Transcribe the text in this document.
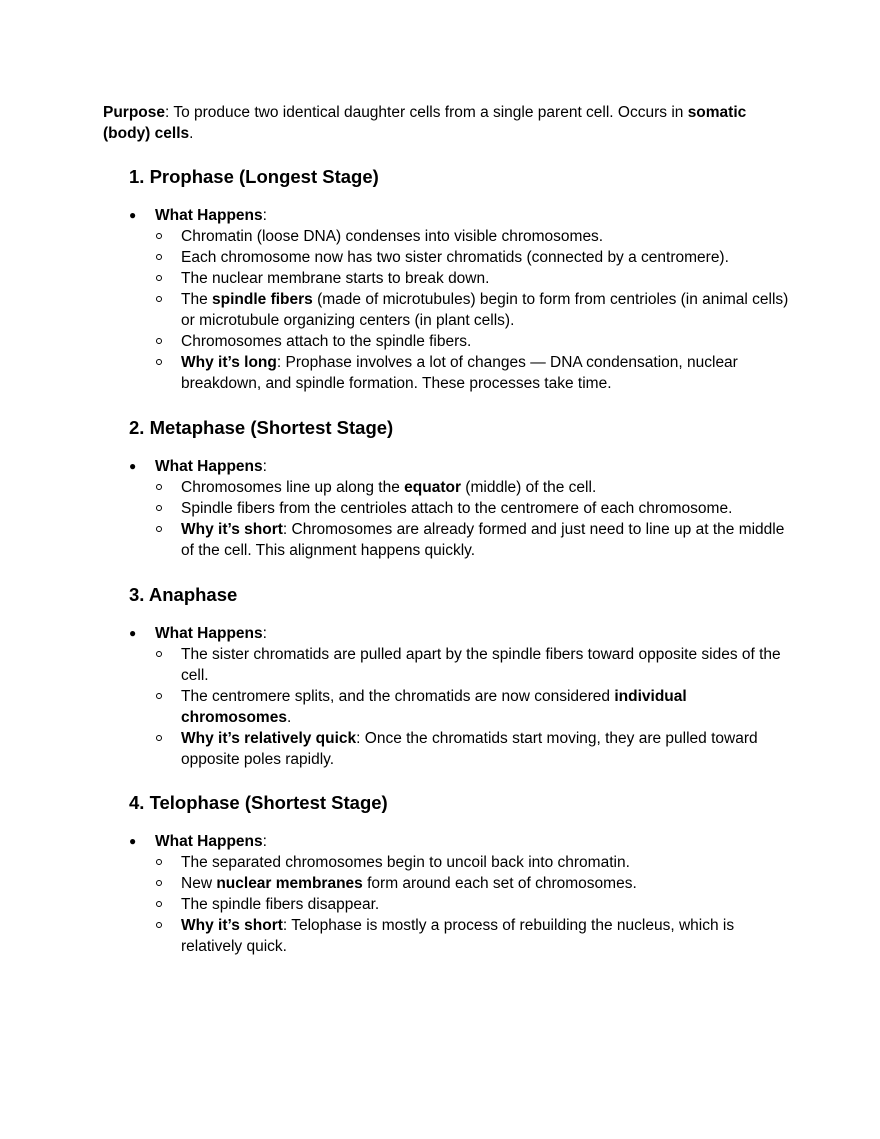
Purpose: To produce two identical daughter cells from a single parent cell. Occurs in somatic (body) cells.

1. Prophase (Longest Stage)
●	What Happens:
Chromatin (loose DNA) condenses into visible chromosomes.
Each chromosome now has two sister chromatids (connected by a centromere).
The nuclear membrane starts to break down.
The spindle fibers (made of microtubules) begin to form from centrioles (in animal cells) or microtubule organizing centers (in plant cells).
Chromosomes attach to the spindle fibers.
Why it’s long: Prophase involves a lot of changes — DNA condensation, nuclear breakdown, and spindle formation. These processes take time.
2. Metaphase (Shortest Stage)
●	What Happens:
Chromosomes line up along the equator (middle) of the cell.
Spindle fibers from the centrioles attach to the centromere of each chromosome.
Why it’s short: Chromosomes are already formed and just need to line up at the middle of the cell. This alignment happens quickly.
3. Anaphase
●	What Happens:
The sister chromatids are pulled apart by the spindle fibers toward opposite sides of the cell.
The centromere splits, and the chromatids are now considered individual chromosomes.
Why it’s relatively quick: Once the chromatids start moving, they are pulled toward opposite poles rapidly.
4. Telophase (Shortest Stage)
●	What Happens:
The separated chromosomes begin to uncoil back into chromatin.
New nuclear membranes form around each set of chromosomes.
The spindle fibers disappear.
Why it’s short: Telophase is mostly a process of rebuilding the nucleus, which is relatively quick.
